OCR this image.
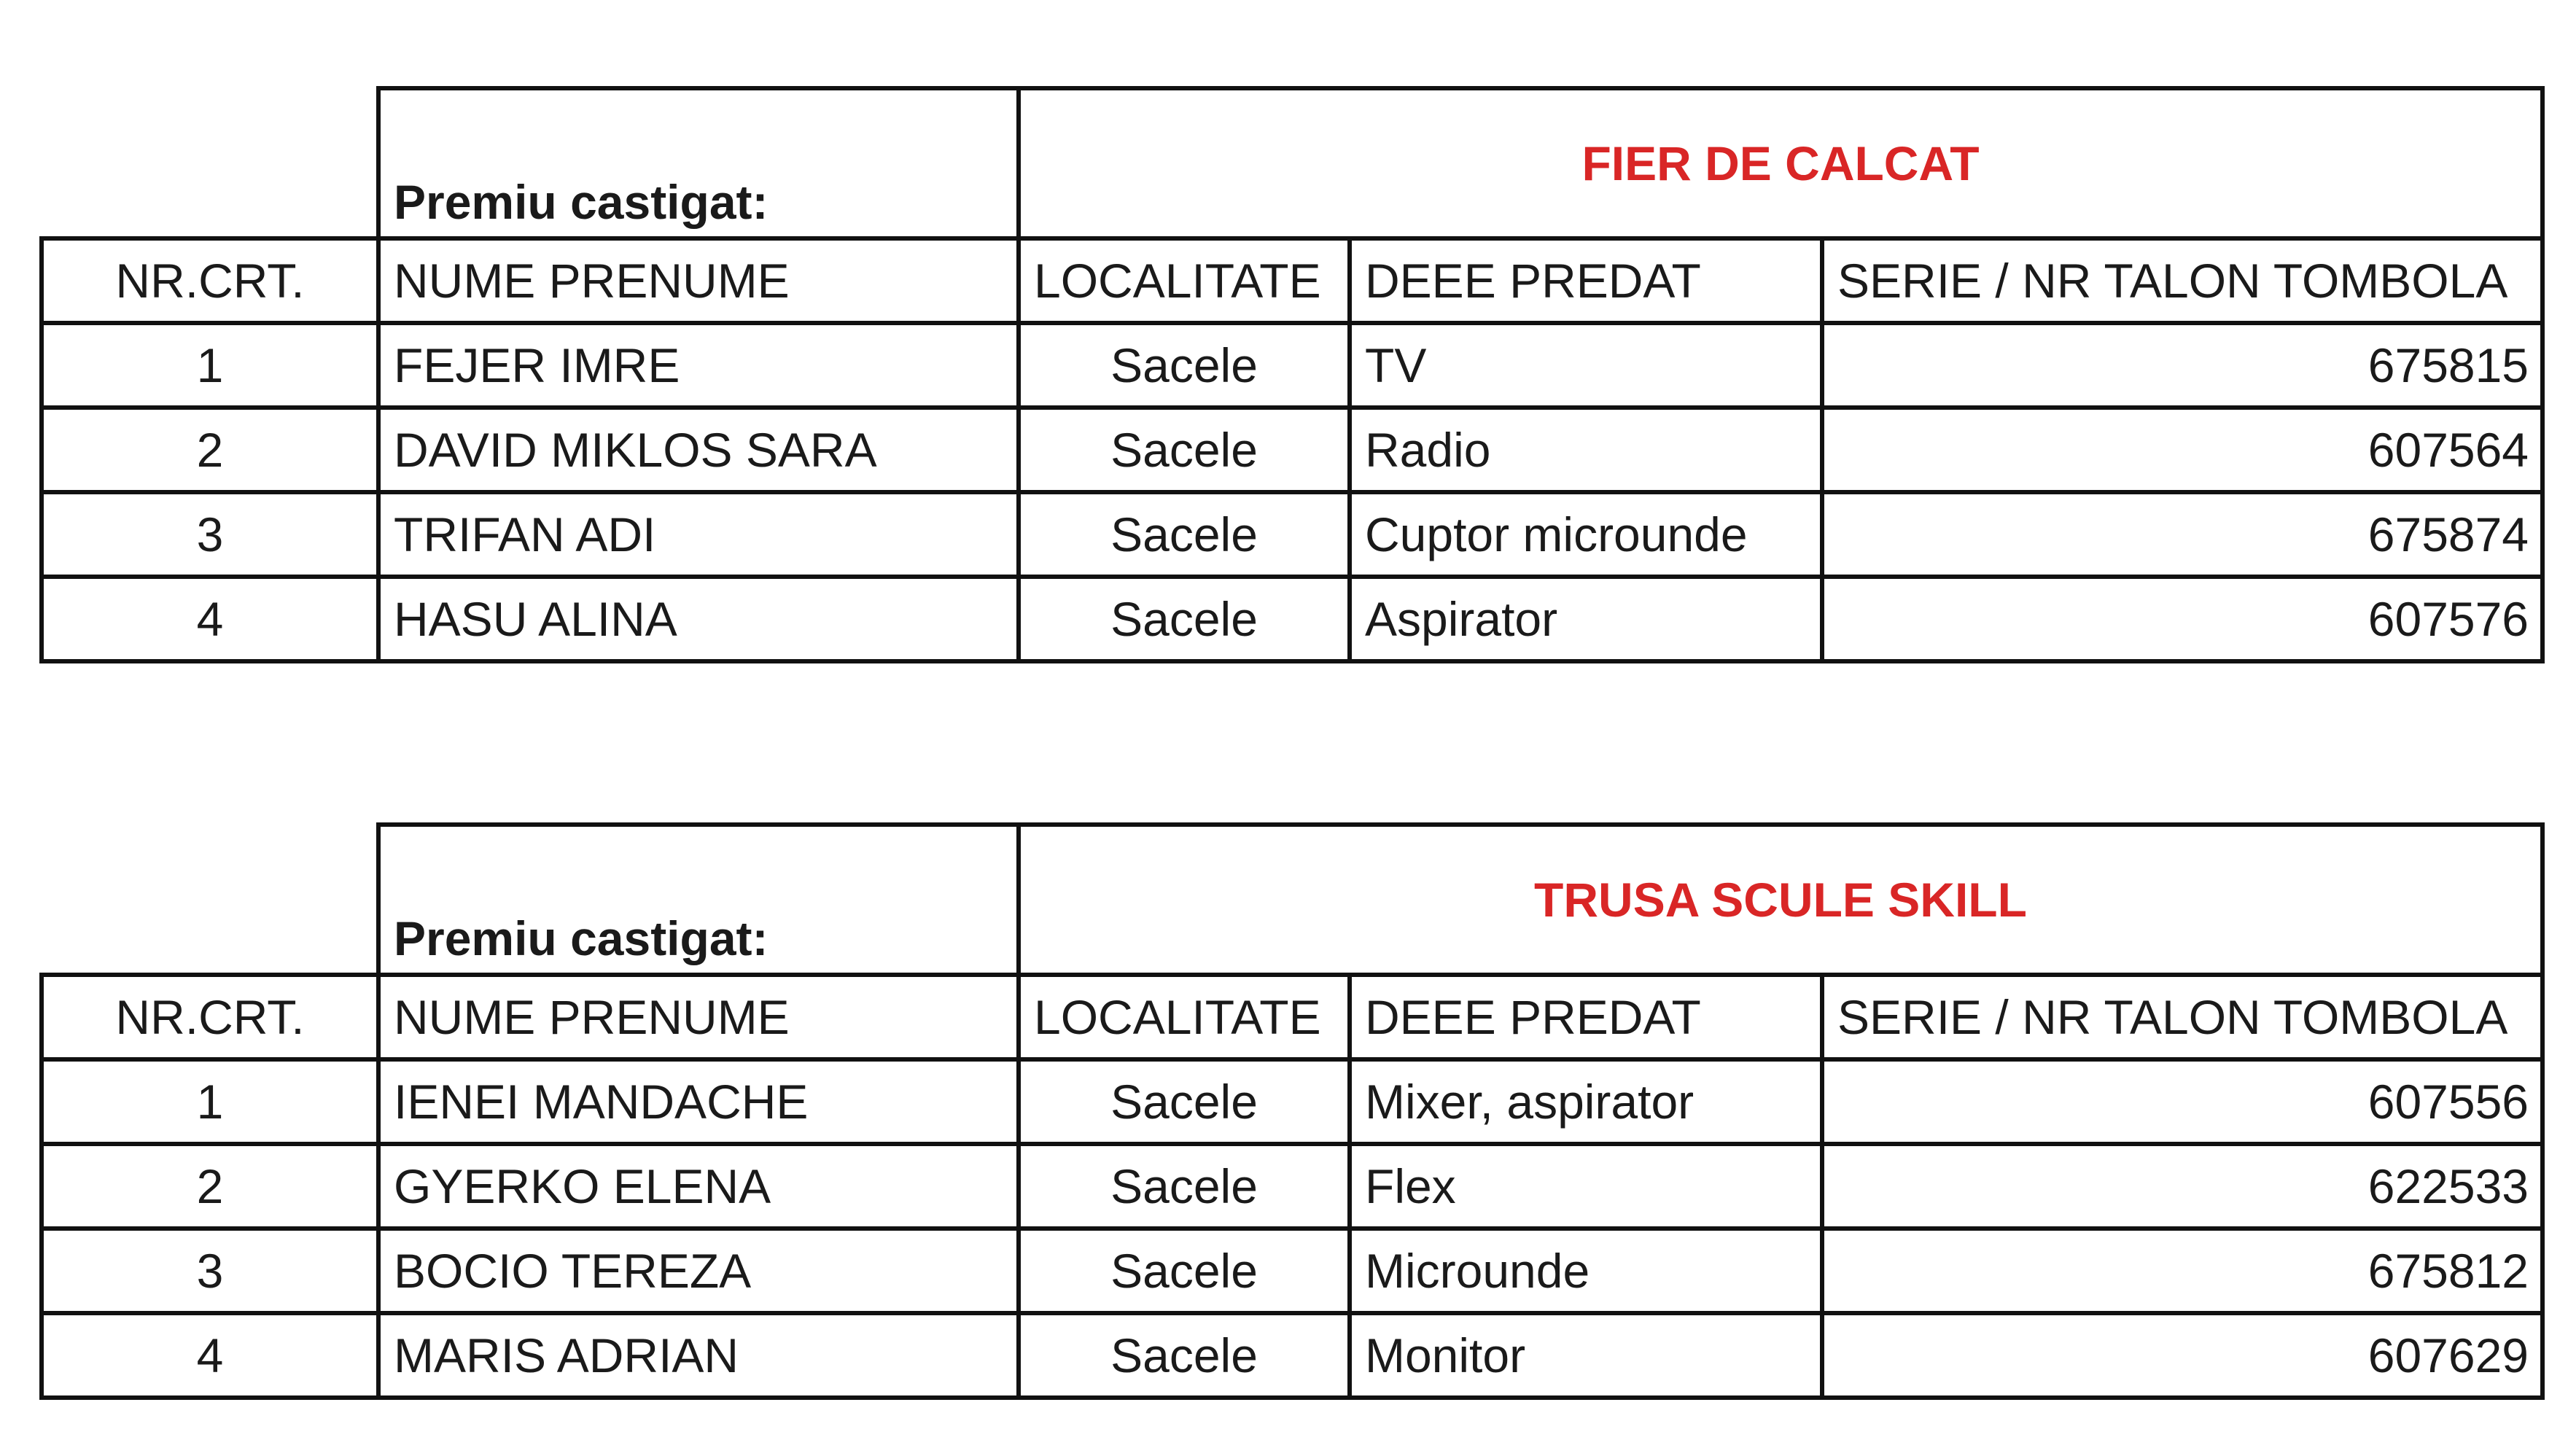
	Premiu castigat:	FIER DE CALCAT		
NR.CRT.	NUME PRENUME	LOCALITATE	DEEE PREDAT	SERIE / NR TALON TOMBOLA
1	FEJER IMRE	Sacele	TV	675815
2	DAVID MIKLOS SARA	Sacele	Radio	607564
3	TRIFAN ADI	Sacele	Cuptor microunde	675874
4	HASU ALINA	Sacele	Aspirator	607576
	Premiu castigat:	TRUSA SCULE SKILL		
NR.CRT.	NUME PRENUME	LOCALITATE	DEEE PREDAT	SERIE / NR TALON TOMBOLA
1	IENEI MANDACHE	Sacele	Mixer, aspirator	607556
2	GYERKO ELENA	Sacele	Flex	622533
3	BOCIO TEREZA	Sacele	Microunde	675812
4	MARIS ADRIAN	Sacele	Monitor	607629
